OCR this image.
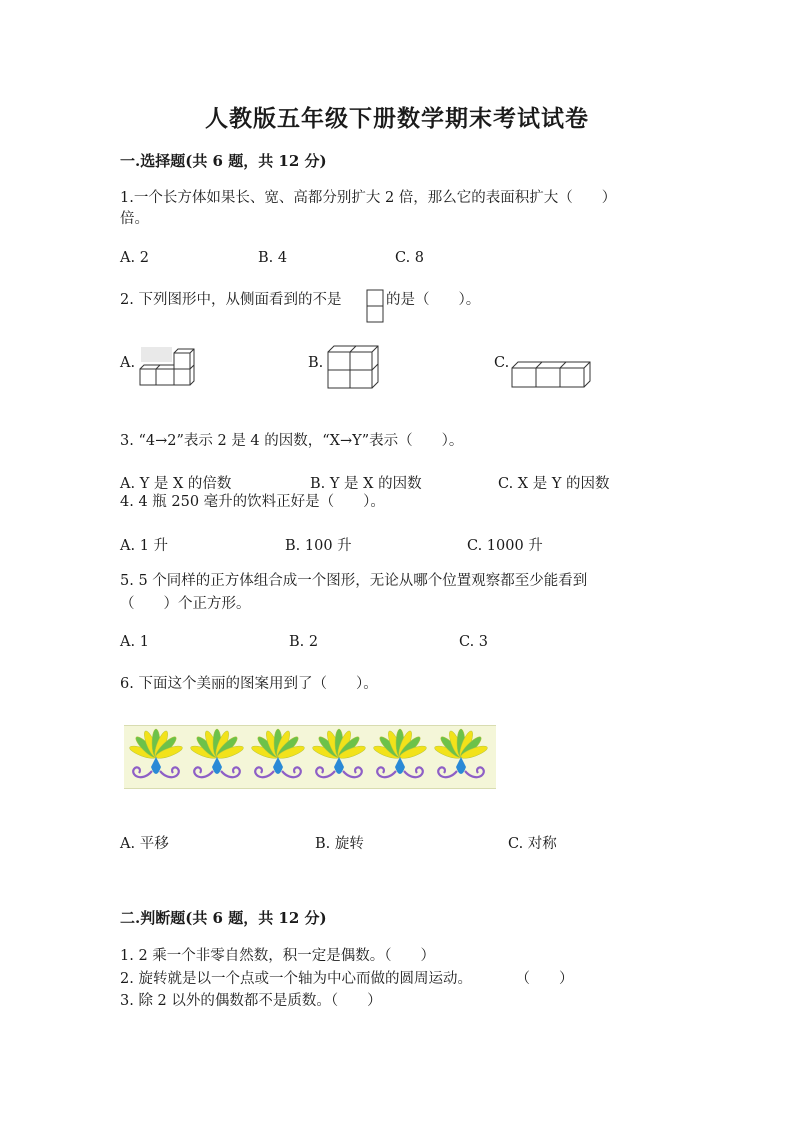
人教版五年级下册数学期末考试试卷
一.选择题(共 6 题，共 12 分)
1.一个长方体如果长、宽、高都分别扩大 2 倍，那么它的表面积扩大（　　）
倍。
A. 2	B. 4	C. 8
2. 下列图形中，从侧面看到的不是	的是（　　）。
A.	B.	C.
3. “4→2”表示 2 是 4 的因数，“X→Y”表示（　　）。
A. Y 是 X 的倍数	B. Y 是 X 的因数	C. X 是 Y 的因数
4. 4 瓶 250 毫升的饮料正好是（　　）。
A. 1 升	B. 100 升	C. 1000 升
5. 5 个同样的正方体组合成一个图形，无论从哪个位置观察都至少能看到
（　　）个正方形。
A. 1	B. 2	C. 3
6. 下面这个美丽的图案用到了（　　）。
A. 平移	B. 旋转	C. 对称
二.判断题(共 6 题，共 12 分)
1. 2 乘一个非零自然数，积一定是偶数。（　　）
2. 旋转就是以一个点或一个轴为中心而做的圆周运动。　　　　（　　）
3. 除 2 以外的偶数都不是质数。（　　）
